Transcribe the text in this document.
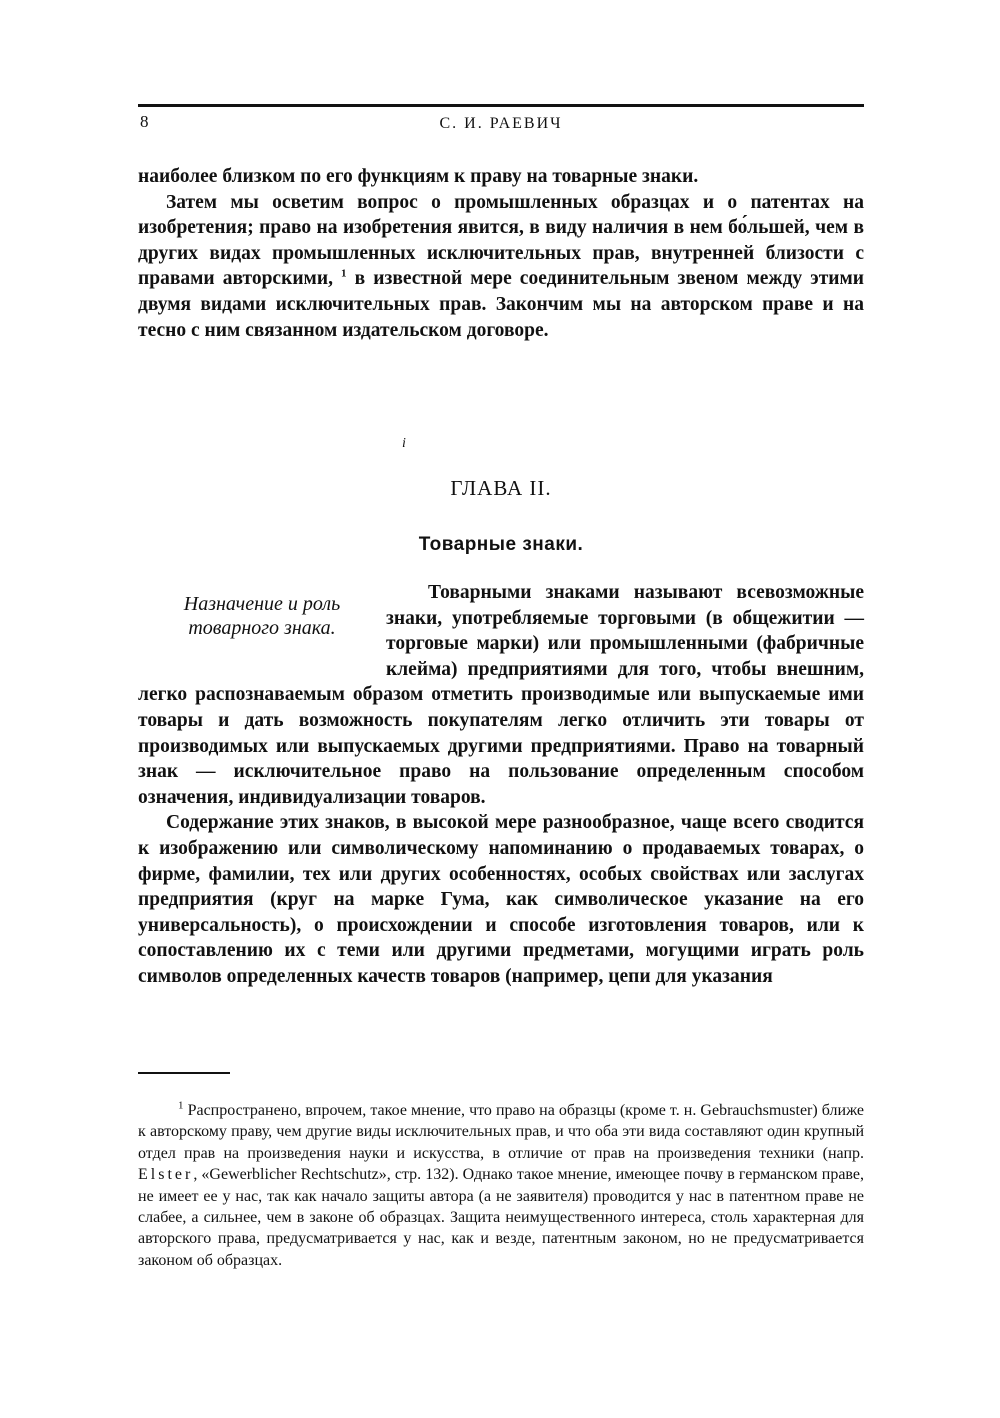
8	С. И. РАЕВИЧ

наиболее близком по его функциям к праву на товарные знаки.

Затем мы осветим вопрос о промышленных образцах и о патентах на изобретения; право на изобретения явится, в виду наличия в нем бо́льшей, чем в других видах промышленных исключительных прав, внутренней близости с правами авторскими, $^1$ в известной мере соединительным звеном между этими двумя видами исключительных прав. Закончим мы на авторском праве и на тесно с ним связанном издательском договоре.

i
ГЛАВА II.
Товарные знаки.
Назначение и роль товарного знака.

Товарными знаками называют всевозможные знаки, употребляемые торговыми (в общежитии — торговые марки) или промышленными (фабричные клейма) предприятиями для того, чтобы внешним, легко распознаваемым образом отметить производимые или выпускаемые ими товары и дать возможность покупателям легко отличить эти товары от производимых или выпускаемых другими предприятиями. Право на товарный знак — исключительное право на пользование определенным способом означения, индивидуализации товаров.

Содержание этих знаков, в высокой мере разнообразное, чаще всего сводится к изображению или символическому напоминанию о продаваемых товарах, о фирме, фамилии, тех или других особенностях, особых свойствах или заслугах предприятия (круг на марке Гума, как символическое указание на его универсальность), о происхождении и способе изготовления товаров, или к сопоставлению их с теми или другими предметами, могущими играть роль символов определенных качеств товаров (например, цепи для указания

$^1$ Распространено, впрочем, такое мнение, что право на образцы (кроме т. н. Gebrauchsmuster) ближе к авторскому праву, чем другие виды исключительных прав, и что оба эти вида составляют один крупный отдел прав на произведения науки и искусства, в отличие от прав на произведения техники (напр. Elster, «Gewerblicher Rechtschutz», стр. 132). Однако такое мнение, имеющее почву в германском праве, не имеет ее у нас, так как начало защиты автора (а не заявителя) проводится у нас в патентном праве не слабее, а сильнее, чем в законе об образцах. Защита неимущественного интереса, столь характерная для авторского права, предусматривается у нас, как и везде, патентным законом, но не предусматривается законом об образцах.
